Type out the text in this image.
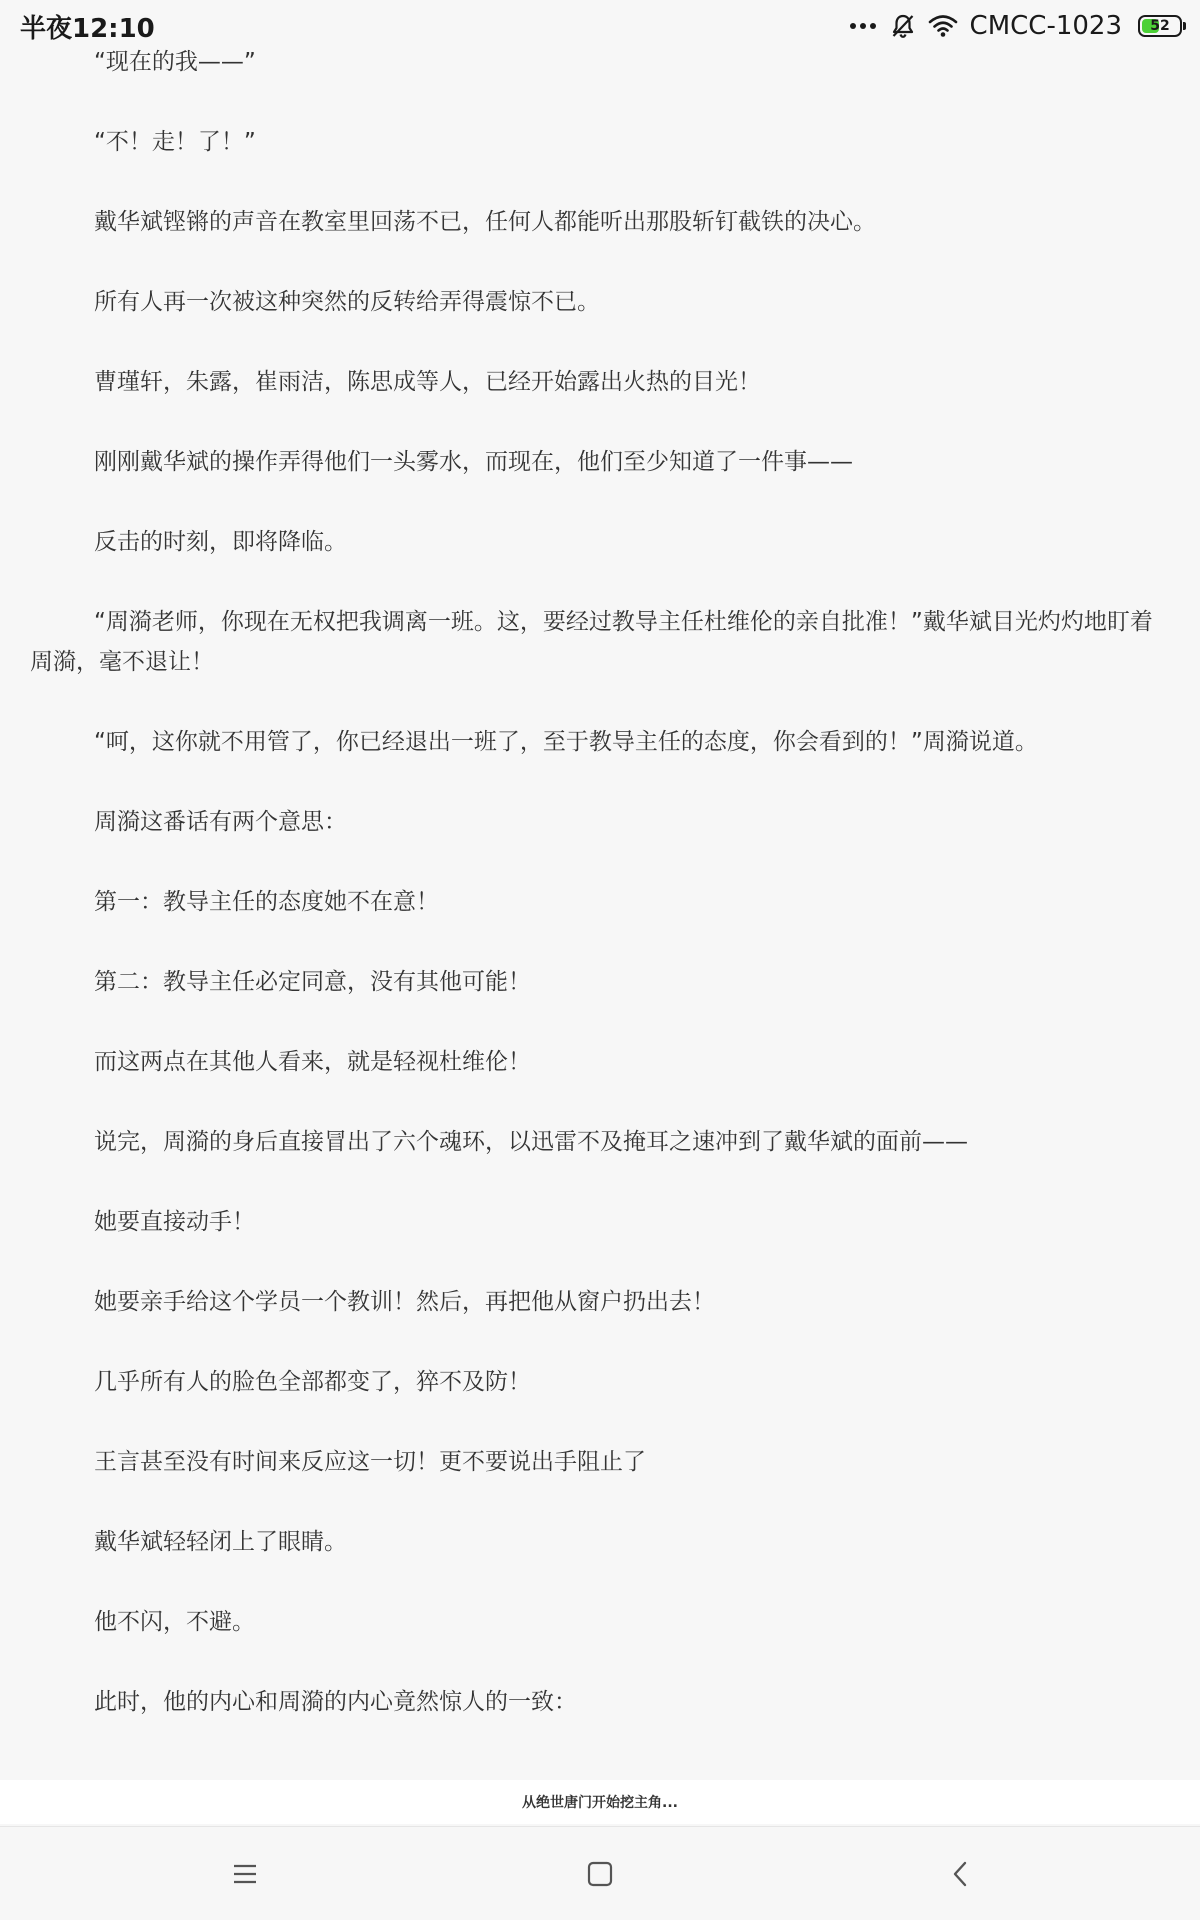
半夜12:10	CMCC-1023	52

“现在的我——”

“不！走！了！”

戴华斌铿锵的声音在教室里回荡不已，任何人都能听出那股斩钉截铁的决心。

所有人再一次被这种突然的反转给弄得震惊不已。

曹瑾轩，朱露，崔雨洁，陈思成等人，已经开始露出火热的目光！

刚刚戴华斌的操作弄得他们一头雾水，而现在，他们至少知道了一件事——

反击的时刻，即将降临。

“周漪老师，你现在无权把我调离一班。这，要经过教导主任杜维伦的亲自批准！”戴华斌目光灼灼地盯着周漪，毫不退让！

“呵，这你就不用管了，你已经退出一班了，至于教导主任的态度，你会看到的！”周漪说道。

周漪这番话有两个意思：

第一：教导主任的态度她不在意！

第二：教导主任必定同意，没有其他可能！

而这两点在其他人看来，就是轻视杜维伦！

说完，周漪的身后直接冒出了六个魂环，以迅雷不及掩耳之速冲到了戴华斌的面前——

她要直接动手！

她要亲手给这个学员一个教训！然后，再把他从窗户扔出去！

几乎所有人的脸色全部都变了，猝不及防！

王言甚至没有时间来反应这一切！更不要说出手阻止了

戴华斌轻轻闭上了眼睛。

他不闪，不避。

此时，他的内心和周漪的内心竟然惊人的一致：

从绝世唐门开始挖主角...
